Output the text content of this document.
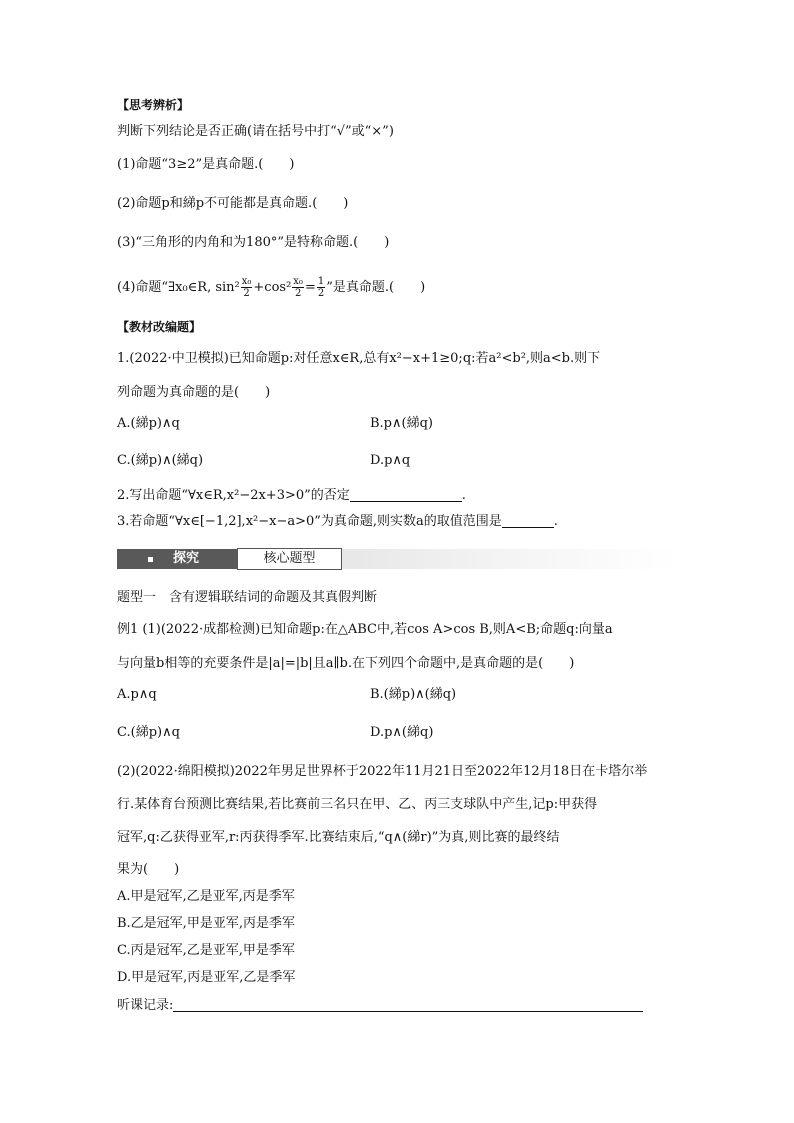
【思考辨析】
判断下列结论是否正确(请在括号中打“√”或“×”)
(1)命题“3≥2”是真命题.(　　)
(2)命题p和綈p不可能都是真命题.(　　)
(3)“三角形的内角和为180°”是特称命题.(　　)
(4)命题“∃x₀∈R, $\sin^2 \frac{\text{x₀}}{2} +\cos^2 \frac{\text{x₀}}{2} = \frac{1}{2}$ ”是真命题.(　　)
【教材改编题】
1.(2022·中卫模拟)已知命题p:对任意x∈R,总有x²−x+1≥0;q:若a²<b²,则a<b.则下
列命题为真命题的是(　　)
A.(綈p)∧q	B.p∧(綈q)
C.(綈p)∧(綈q)	D.p∧q
2.写出命题“∀x∈R,x²−2x+3>0”的否定	.
3.若命题“∀x∈[−1,2],x²−x−a>0”为真命题,则实数a的取值范围是	.
探究	核心题型
题型一　含有逻辑联结词的命题及其真假判断
例1 (1)(2022·成都检测)已知命题p:在△ABC中,若cos A>cos B,则A<B;命题q:向量a
与向量b相等的充要条件是|a|=|b|且a∥b.在下列四个命题中,是真命题的是(　　)
A.p∧q	B.(綈p)∧(綈q)
C.(綈p)∧q	D.p∧(綈q)
(2)(2022·绵阳模拟)2022年男足世界杯于2022年11月21日至2022年12月18日在卡塔尔举
行.某体育台预测比赛结果,若比赛前三名只在甲、乙、丙三支球队中产生,记p:甲获得
冠军,q:乙获得亚军,r:丙获得季军.比赛结束后,“q∧(綈r)”为真,则比赛的最终结
果为(　　)
A.甲是冠军,乙是亚军,丙是季军
B.乙是冠军,甲是亚军,丙是季军
C.丙是冠军,乙是亚军,甲是季军
D.甲是冠军,丙是亚军,乙是季军
听课记录:
